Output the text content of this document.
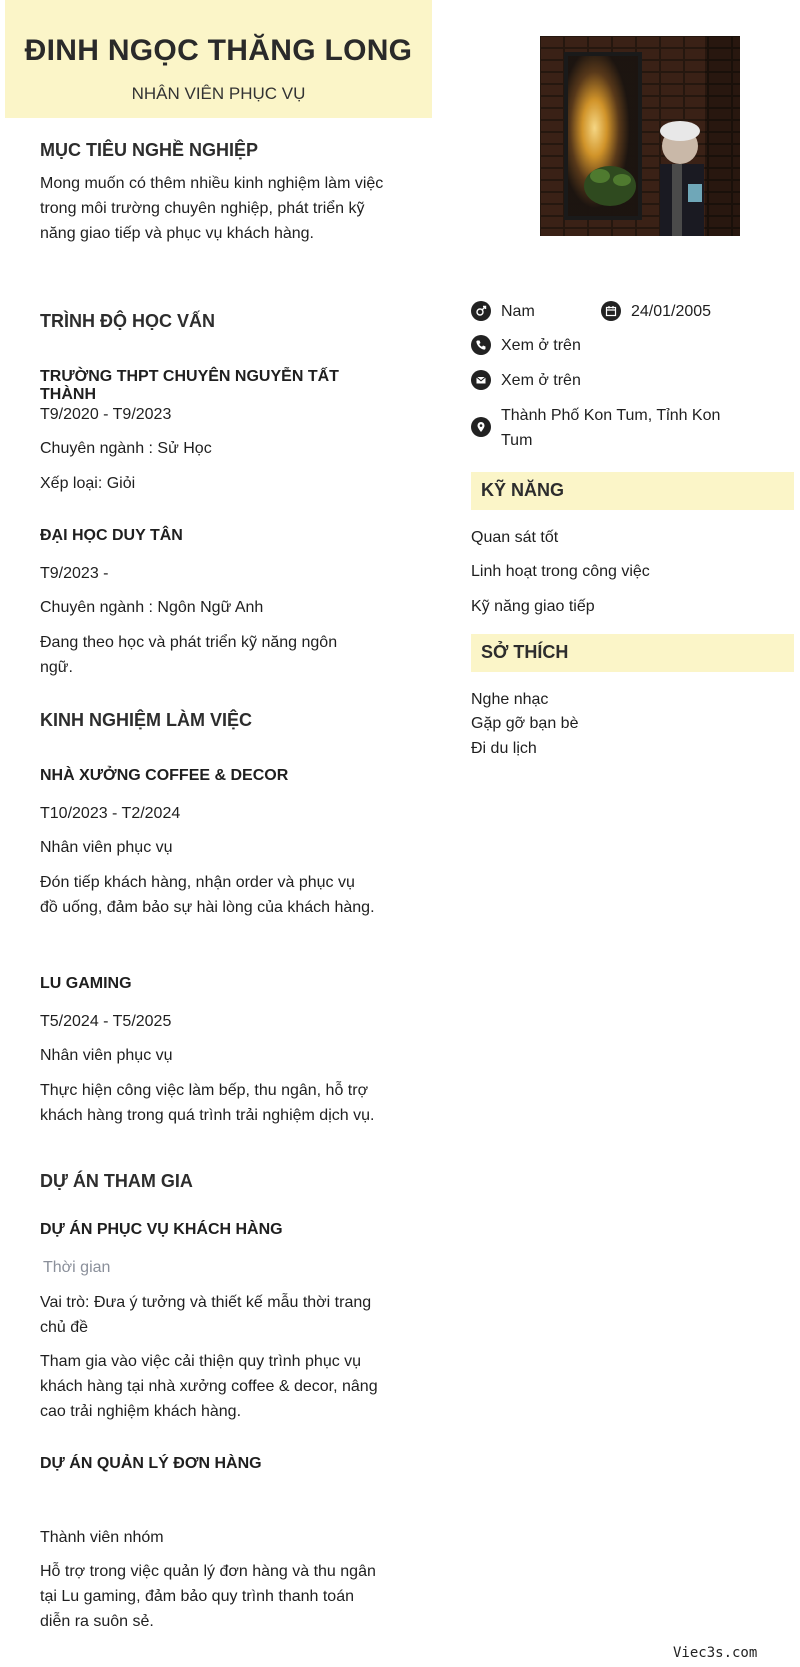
ĐINH NGỌC THĂNG LONG
NHÂN VIÊN PHỤC VỤ
MỤC TIÊU NGHỀ NGHIỆP
Mong muốn có thêm nhiều kinh nghiệm làm việc trong môi trường chuyên nghiệp, phát triển kỹ năng giao tiếp và phục vụ khách hàng.
TRÌNH ĐỘ HỌC VẤN
TRƯỜNG THPT CHUYÊN NGUYỄN TẤT THÀNH
T9/2020 - T9/2023
Chuyên ngành : Sử Học
Xếp loại: Giỏi
ĐẠI HỌC DUY TÂN
T9/2023 -
Chuyên ngành : Ngôn Ngữ Anh
Đang theo học và phát triển kỹ năng ngôn ngữ.
KINH NGHIỆM LÀM VIỆC
NHÀ XƯỞNG COFFEE & DECOR
T10/2023 - T2/2024
Nhân viên phục vụ
Đón tiếp khách hàng, nhận order và phục vụ đồ uống, đảm bảo sự hài lòng của khách hàng.
LU GAMING
T5/2024 - T5/2025
Nhân viên phục vụ
Thực hiện công việc làm bếp, thu ngân, hỗ trợ khách hàng trong quá trình trải nghiệm dịch vụ.
DỰ ÁN THAM GIA
DỰ ÁN PHỤC VỤ KHÁCH HÀNG
Thời gian
Vai trò: Đưa ý tưởng và thiết kế mẫu thời trang chủ đề
Tham gia vào việc cải thiện quy trình phục vụ khách hàng tại nhà xưởng coffee & decor, nâng cao trải nghiệm khách hàng.
DỰ ÁN QUẢN LÝ ĐƠN HÀNG
Thành viên nhóm
Hỗ trợ trong việc quản lý đơn hàng và thu ngân tại Lu gaming, đảm bảo quy trình thanh toán diễn ra suôn sẻ.
Nam	24/01/2005
Xem ở trên
Xem ở trên
Thành Phố Kon Tum, Tỉnh Kon Tum
KỸ NĂNG
Quan sát tốt
Linh hoạt trong công việc
Kỹ năng giao tiếp
SỞ THÍCH
Nghe nhạc
Gặp gỡ bạn bè
Đi du lịch
Viec3s.com
